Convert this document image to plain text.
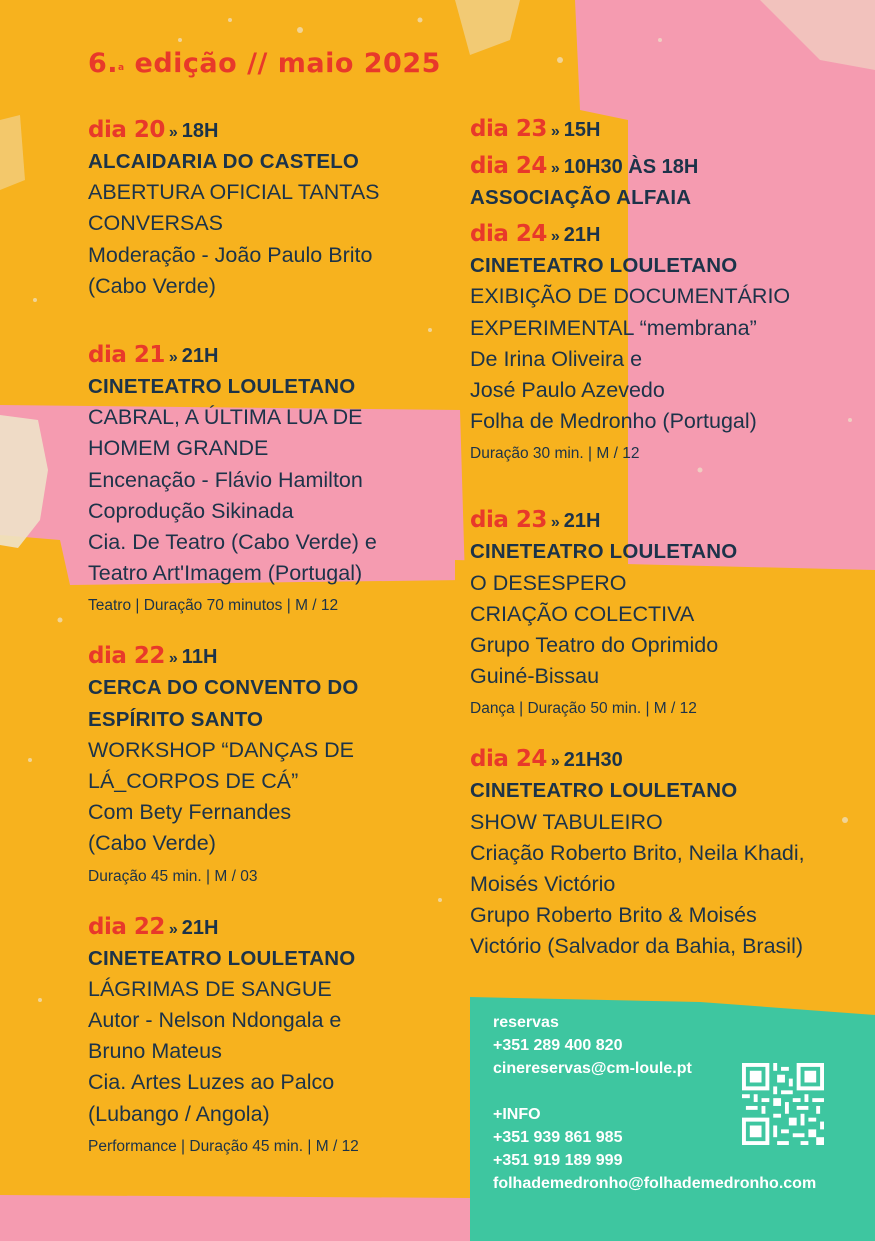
6.a edição // maio 2025
dia 20 » 18H
ALCAIDARIA DO CASTELO
ABERTURA OFICIAL TANTAS
CONVERSAS
Moderação - João Paulo Brito
(Cabo Verde)
dia 21 » 21H
CINETEATRO LOULETANO
CABRAL, A ÚLTIMA LUA DE
HOMEM GRANDE
Encenação - Flávio Hamilton
Coprodução Sikinada
Cia. De Teatro (Cabo Verde) e
Teatro Art'Imagem (Portugal)
Teatro | Duração 70 minutos | M / 12
dia 22 » 11H
CERCA DO CONVENTO DO
ESPÍRITO SANTO
WORKSHOP “DANÇAS DE
LÁ_CORPOS DE CÁ”
Com Bety Fernandes
(Cabo Verde)
Duração 45 min. | M / 03
dia 22 » 21H
CINETEATRO LOULETANO
LÁGRIMAS DE SANGUE
Autor - Nelson Ndongala e
Bruno Mateus
Cia. Artes Luzes ao Palco
(Lubango / Angola)
Performance | Duração 45 min. | M / 12
dia 23 » 15H
dia 24 » 10H30 ÀS 18H
ASSOCIAÇÃO ALFAIA
dia 24 » 21H
CINETEATRO LOULETANO
EXIBIÇÃO DE DOCUMENTÁRIO
EXPERIMENTAL “membrana”
De Irina Oliveira e
José Paulo Azevedo
Folha de Medronho (Portugal)
Duração 30 min. | M / 12
dia 23 » 21H
CINETEATRO LOULETANO
O DESESPERO
CRIAÇÃO COLECTIVA
Grupo Teatro do Oprimido
Guiné-Bissau
Dança | Duração 50 min. | M / 12
dia 24 » 21H30
CINETEATRO LOULETANO
SHOW TABULEIRO
Criação Roberto Brito, Neila Khadi,
Moisés Victório
Grupo Roberto Brito & Moisés
Victório (Salvador da Bahia, Brasil)
reservas
+351 289 400 820
cinereservas@cm-loule.pt
+INFO
+351 939 861 985
+351 919 189 999
folhademedronho@folhademedronho.com
